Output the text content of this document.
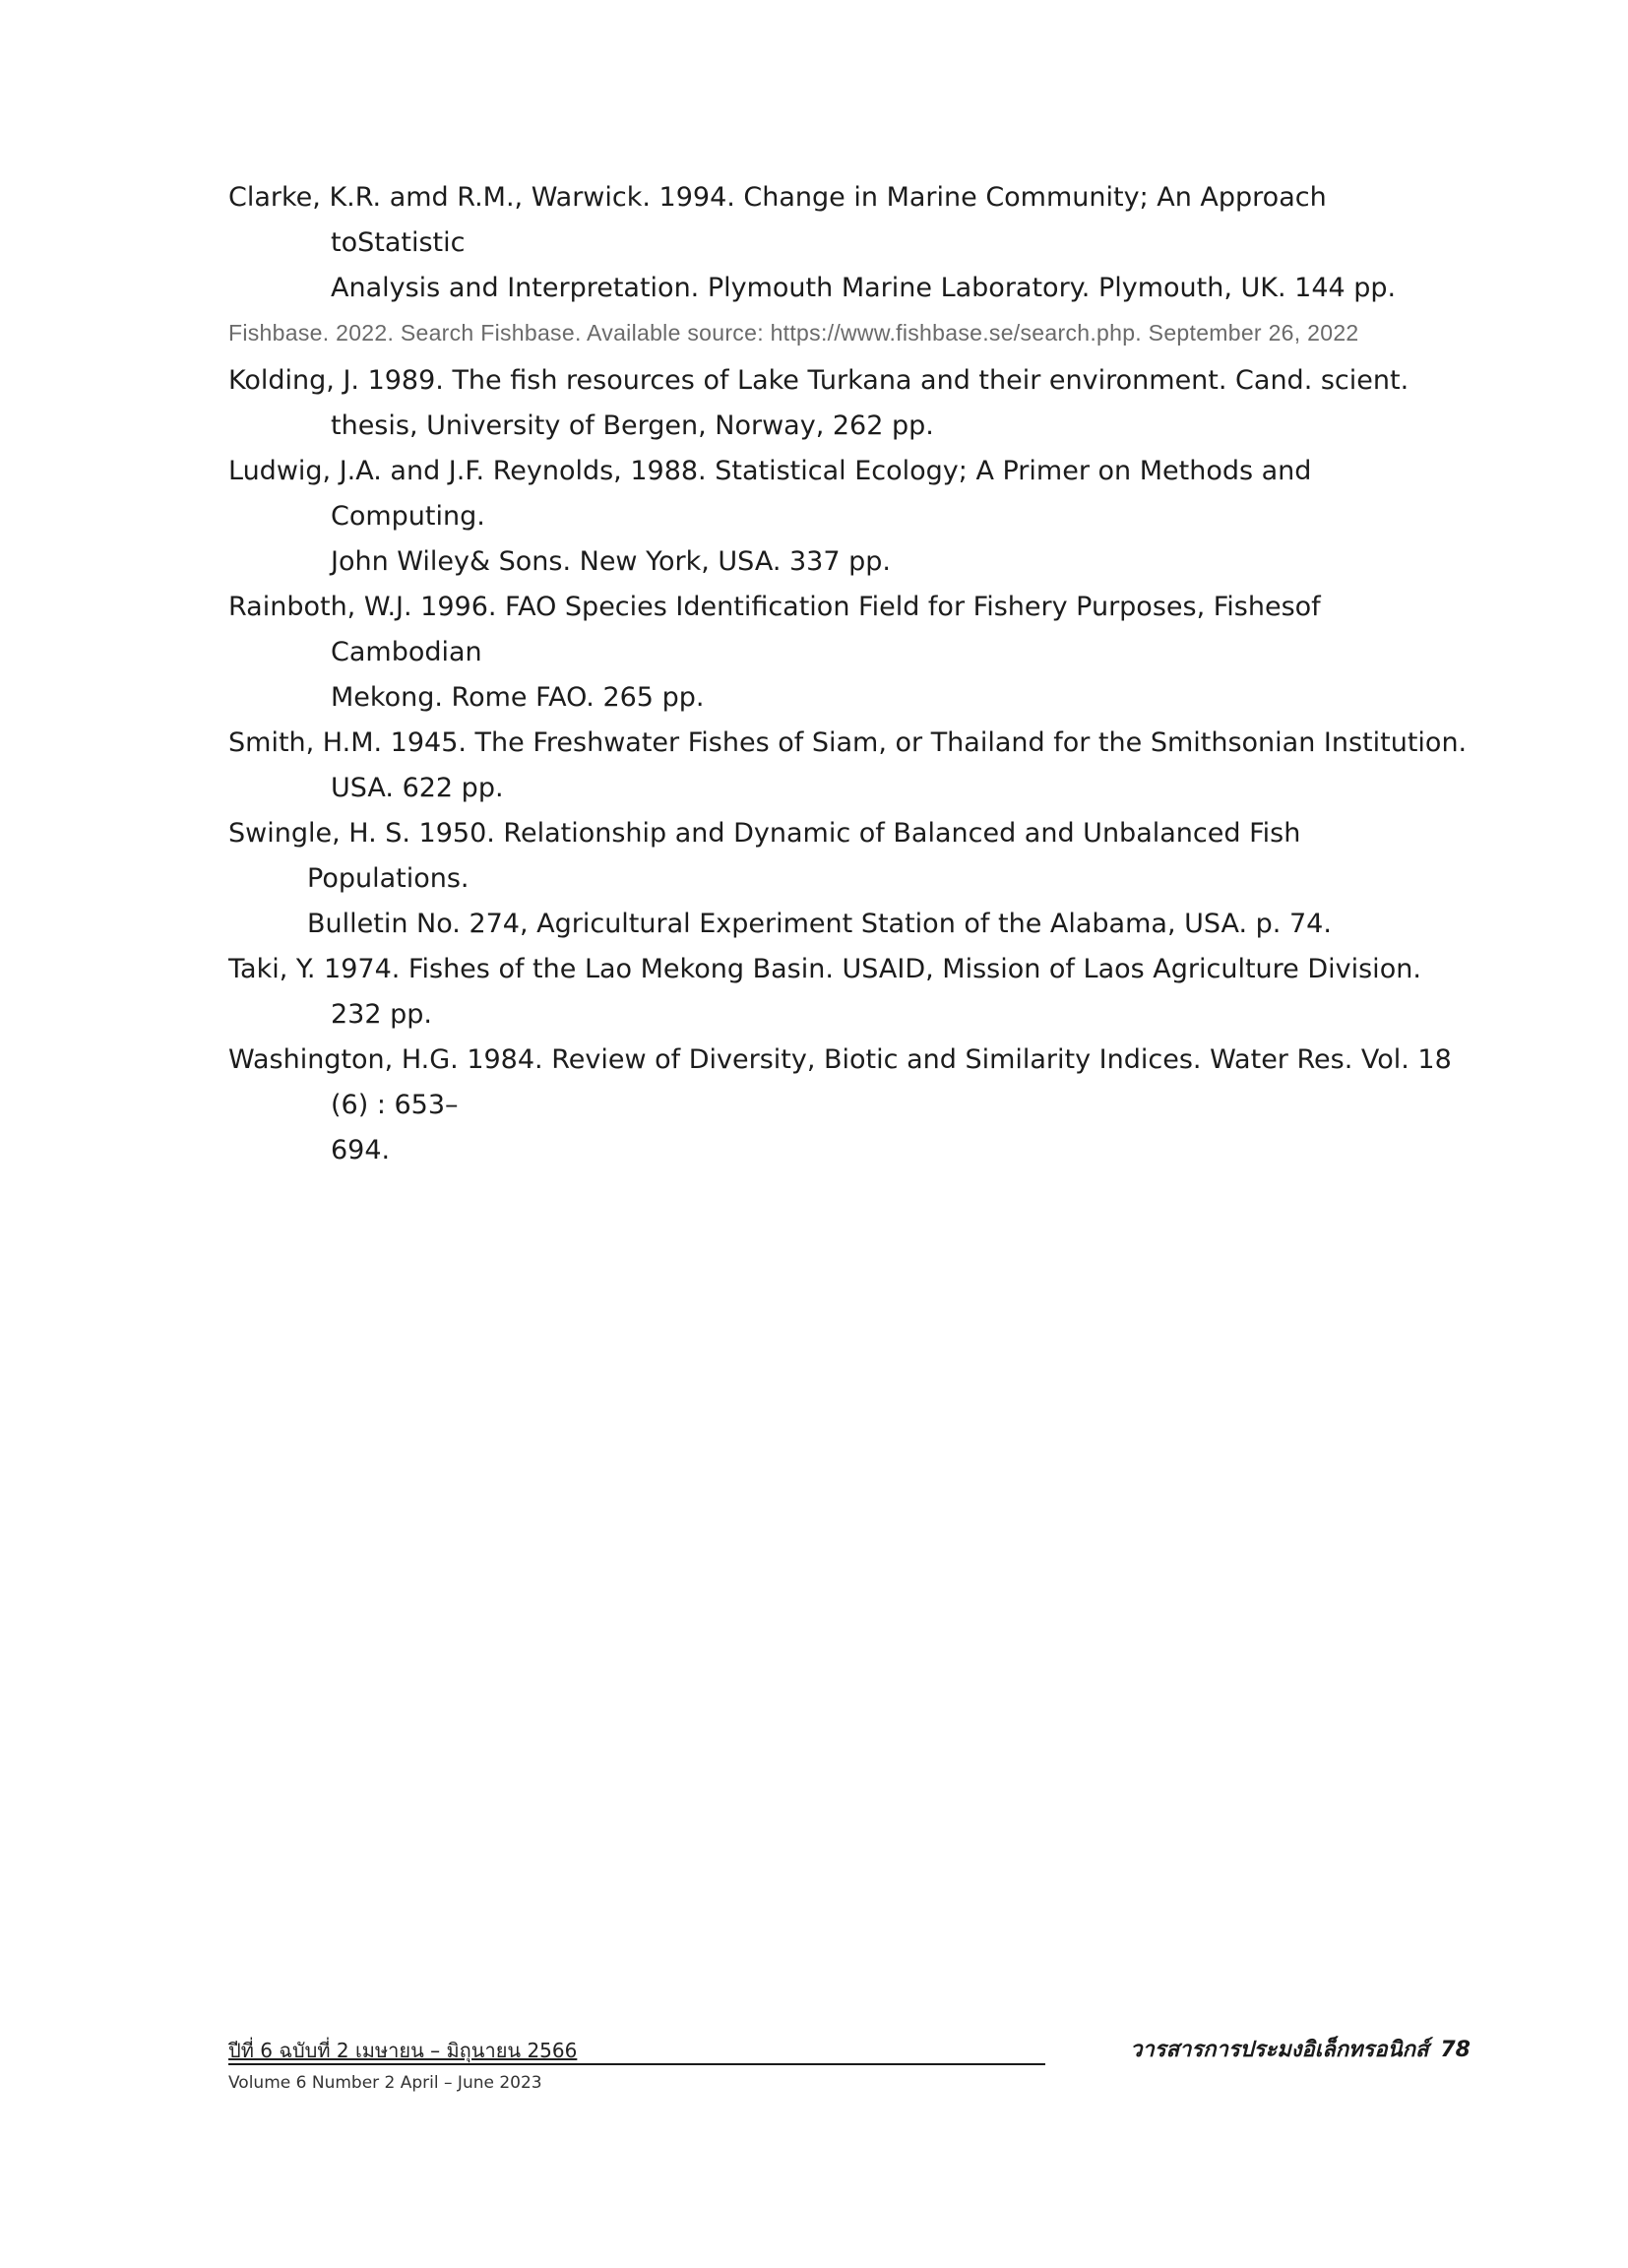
Clarke, K.R. amd R.M., Warwick. 1994. Change in Marine Community; An Approach toStatistic
Analysis and Interpretation. Plymouth Marine Laboratory. Plymouth, UK. 144 pp.

Fishbase. 2022. Search Fishbase. Available source: https://www.fishbase.se/search.php. September 26, 2022

Kolding, J. 1989. The fish resources of Lake Turkana and their environment. Cand. scient.
thesis, University of Bergen, Norway, 262 pp.

Ludwig, J.A. and J.F. Reynolds, 1988. Statistical Ecology; A Primer on Methods and Computing.
John Wiley& Sons. New York, USA. 337 pp.

Rainboth, W.J. 1996. FAO Species Identification Field for Fishery Purposes, Fishesof Cambodian
Mekong. Rome FAO. 265 pp.

Smith, H.M. 1945. The Freshwater Fishes of Siam, or Thailand for the Smithsonian Institution.
USA. 622 pp.

Swingle, H. S. 1950. Relationship and Dynamic of Balanced and Unbalanced Fish Populations.
Bulletin No. 274, Agricultural Experiment Station of the Alabama, USA. p. 74.

Taki, Y. 1974. Fishes of the Lao Mekong Basin. USAID, Mission of Laos Agriculture Division. 232 pp.

Washington, H.G. 1984. Review of Diversity, Biotic and Similarity Indices. Water Res. Vol. 18 (6) : 653–
694.

ปีที่ 6 ฉบับที่ 2 เมษายน – มิถุนายน 2566	วารสารการประมงอิเล็กทรอนิกส์ 78
Volume 6 Number 2 April – June 2023
